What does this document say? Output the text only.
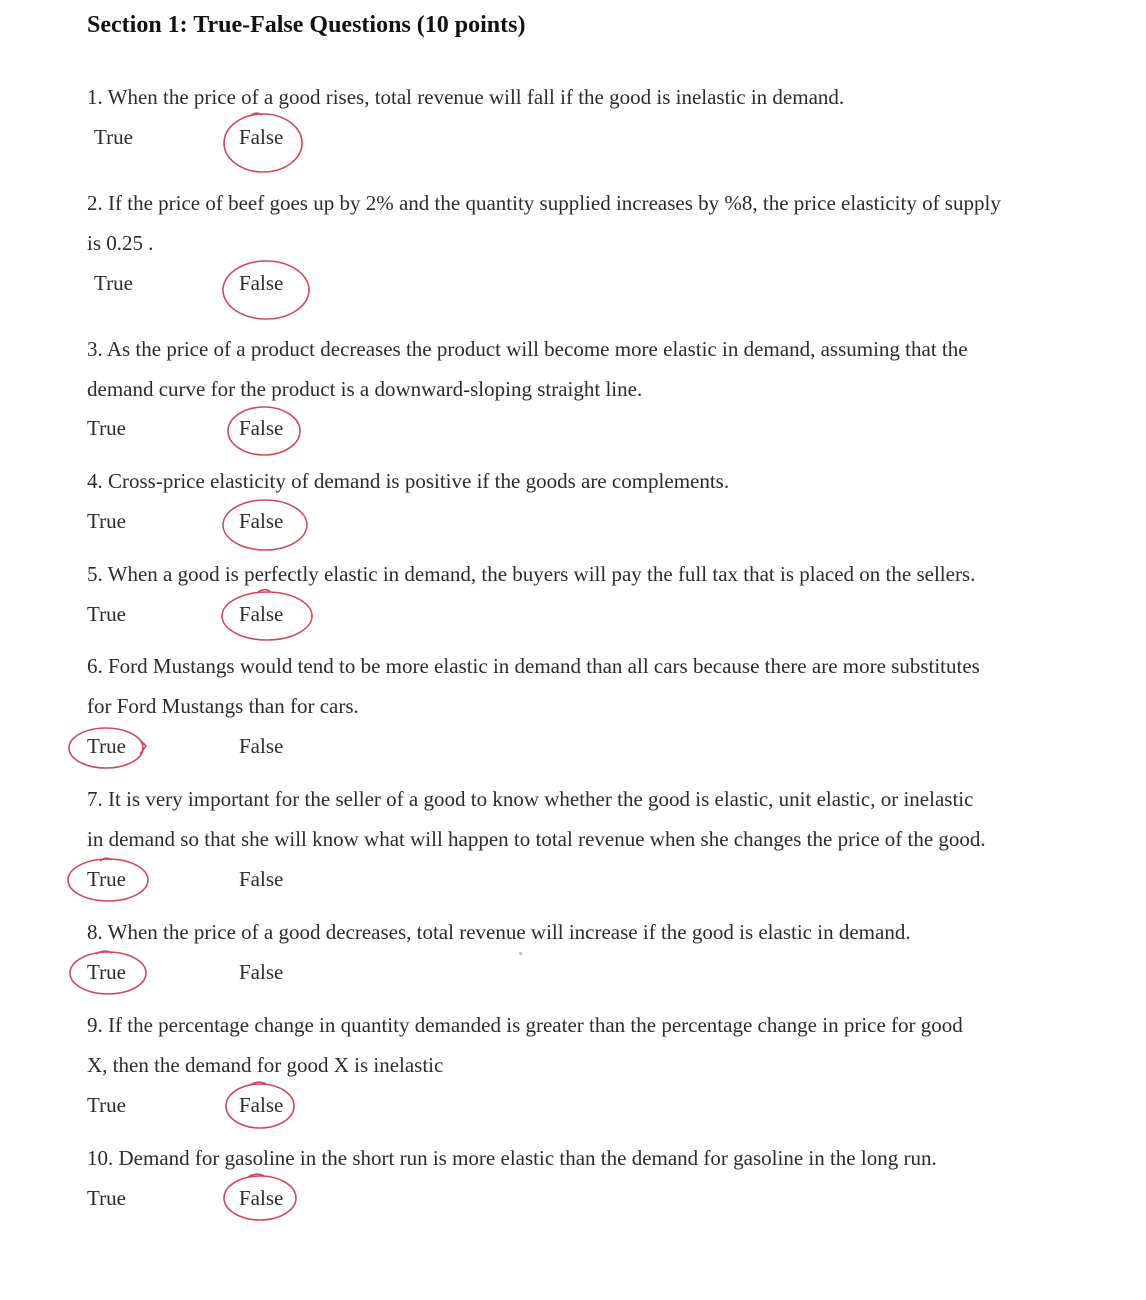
Section 1: True-False Questions (10 points)
1. When the price of a good rises, total revenue will fall if the good is inelastic in demand.
True	False
2. If the price of beef goes up by 2% and the quantity supplied increases by %8, the price elasticity of supply
is 0.25 .
True	False
3. As the price of a product decreases the product will become more elastic in demand, assuming that the
demand curve for the product is a downward-sloping straight line.
True	False
4. Cross-price elasticity of demand is positive if the goods are complements.
True	False
5. When a good is perfectly elastic in demand, the buyers will pay the full tax that is placed on the sellers.
True	False
6. Ford Mustangs would tend to be more elastic in demand than all cars because there are more substitutes
for Ford Mustangs than for cars.
True	False
7. It is very important for the seller of a good to know whether the good is elastic, unit elastic, or inelastic
in demand so that she will know what will happen to total revenue when she changes the price of the good.
True	False
8. When the price of a good decreases, total revenue will increase if the good is elastic in demand.
True	False
9. If the percentage change in quantity demanded is greater than the percentage change in price for good
X, then the demand for good X is inelastic
True	False
10. Demand for gasoline in the short run is more elastic than the demand for gasoline in the long run.
True	False
